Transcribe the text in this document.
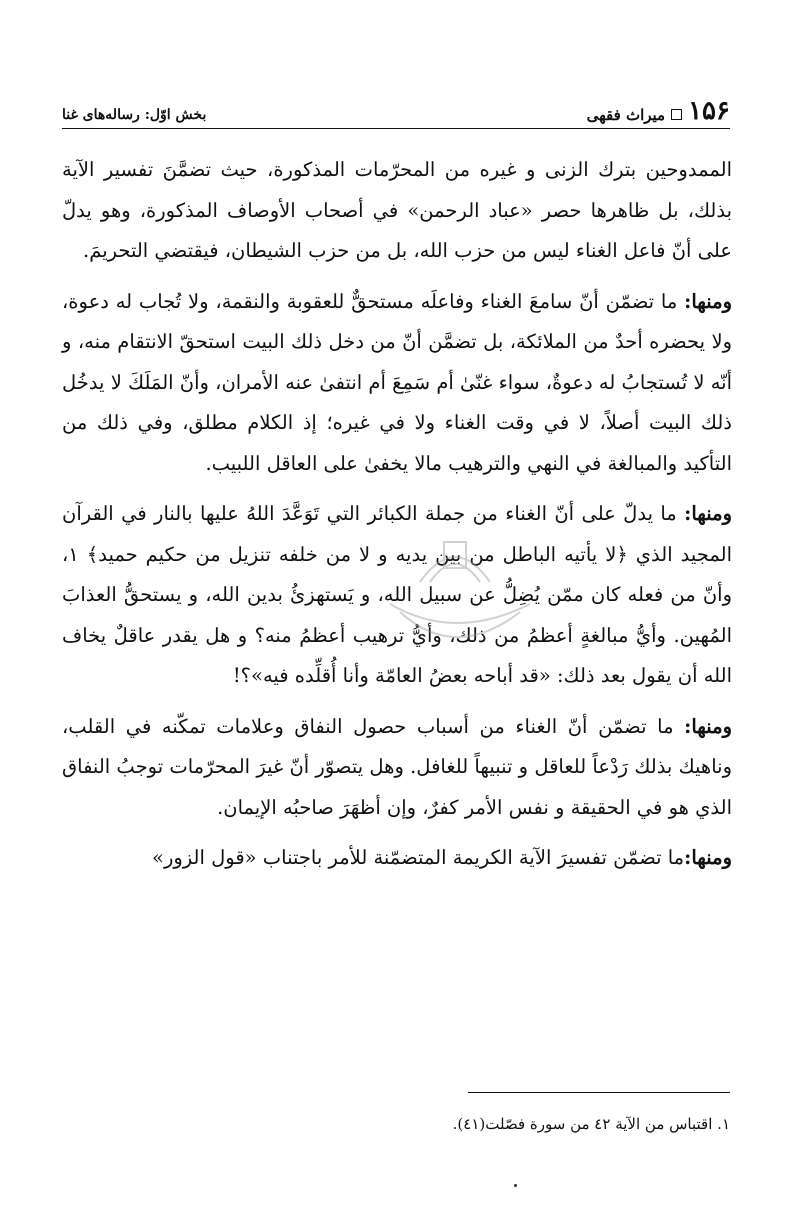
۱۵۶
میراث فقهی
بخش اوّل: رساله‌های غنا

الممدوحين بترك الزنى و غيره من المحرّمات المذكورة، حيث تضمَّنَ تفسير الآية بذلك، بل ظاهرها حصر «عباد الرحمن» في أصحاب الأوصاف المذكورة، وهو يدلّ على أنّ فاعل الغناء ليس من حزب الله، بل من حزب الشيطان، فيقتضي التحريمَ.

ومنها: ما تضمّن أنّ سامعَ الغناء وفاعلَه مستحقٌّ للعقوبة والنقمة، ولا تُجاب له دعوة، ولا يحضره أحدٌ من الملائكة، بل تضمَّن أنّ من دخل ذلك البيت استحقّ الانتقام منه، و أنّه لا تُستجابُ له دعوةٌ، سواء غنّىٰ أم سَمِعَ أم انتفىٰ عنه الأمران، وأنّ المَلَكَ لا يدخُل ذلك البيت أصلاً، لا في وقت الغناء ولا في غيره؛ إذ الكلام مطلق، وفي ذلك من التأكيد والمبالغة في النهي والترهيب مالا يخفىٰ على العاقل اللبيب.

ومنها: ما يدلّ على أنّ الغناء من جملة الكبائر التي تَوَعَّدَ اللهُ عليها بالنار في القرآن المجيد الذي ﴿لا يأتيه الباطل من بين يديه و لا من خلفه تنزيل من حكيم حميد﴾ ١، وأنّ من فعله كان ممّن يُضِلُّ عن سبيل الله، و يَستهزئُ بدين الله، و يستحقُّ العذابَ المُهين. وأيُّ مبالغةٍ أعظمُ من ذلك، وأيُّ ترهيب أعظمُ منه؟ و هل يقدر عاقلٌ يخاف الله أن يقول بعد ذلك: «قد أباحه بعضُ العامّة وأنا أُقلِّده فيه»؟!

ومنها: ما تضمّن أنّ الغناء من أسباب حصول النفاق وعلامات تمكّنه في القلب، وناهيك بذلك رَدْعاً للعاقل و تنبيهاً للغافل. وهل يتصوّر أنّ غيرَ المحرّمات توجبُ النفاق الذي هو في الحقيقة و نفس الأمر كفرٌ، وإن أظهَرَ صاحبُه الإيمان.

ومنها:ما تضمّن تفسيرَ الآية الكريمة المتضمّنة للأمر باجتناب «قول الزور»

١. اقتباس من الآية ٤٢ من سورة فصّلت(٤١).
